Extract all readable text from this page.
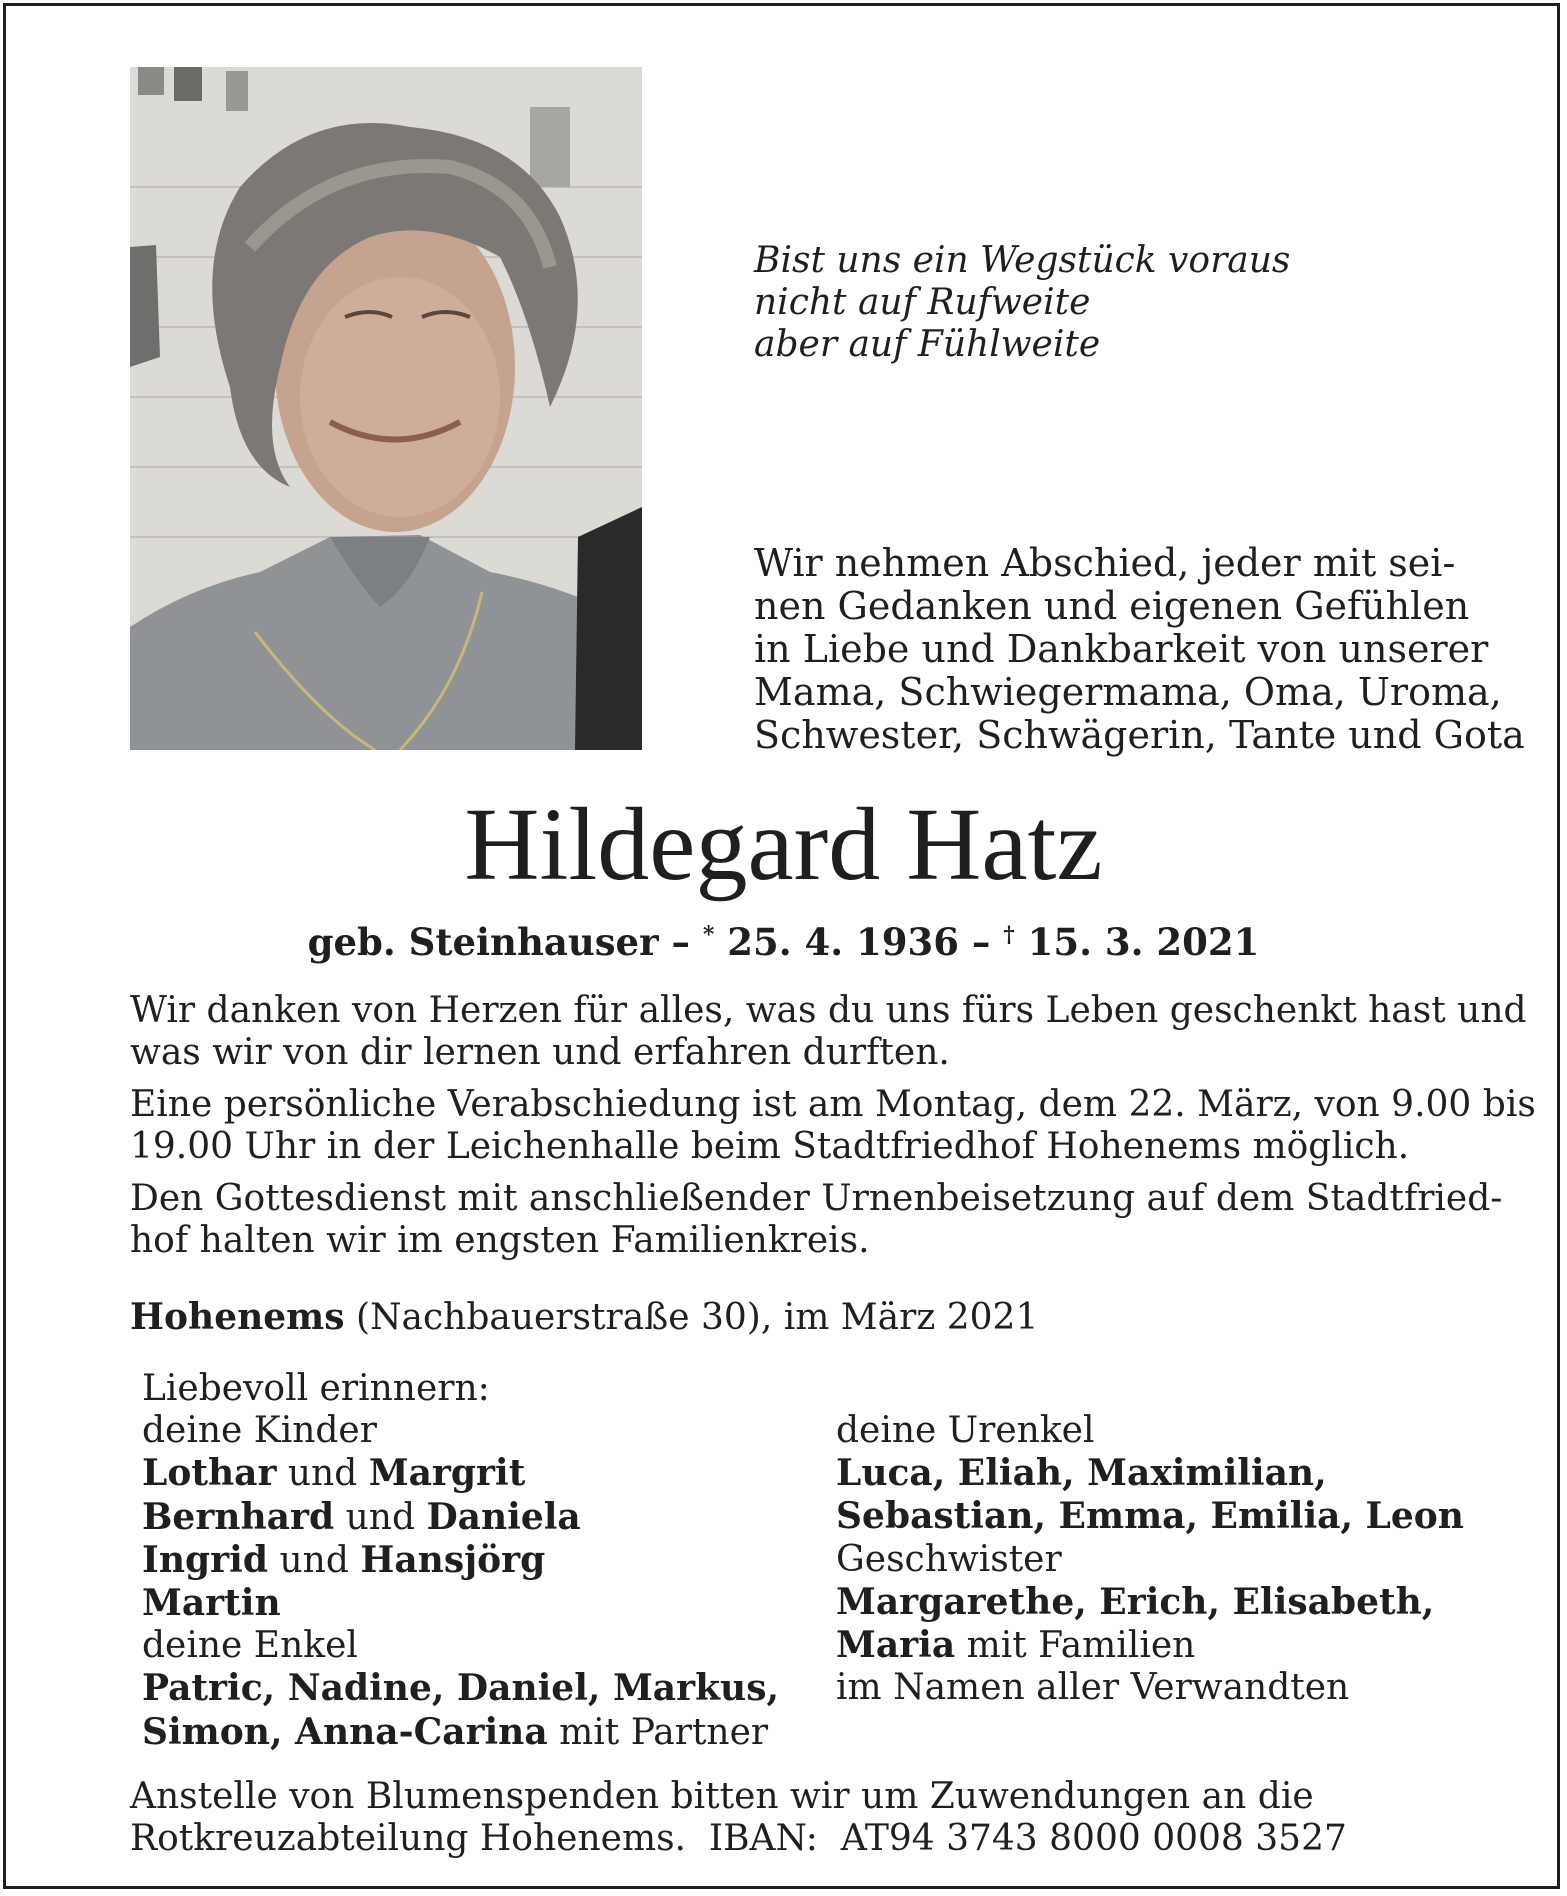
Bist uns ein Wegstück voraus
nicht auf Rufweite
aber auf Fühlweite
Wir nehmen Abschied, jeder mit sei-
nen Gedanken und eigenen Gefühlen
in Liebe und Dankbarkeit von unserer
Mama, Schwiegermama, Oma, Uroma,
Schwester, Schwägerin, Tante und Gota
Hildegard Hatz
geb. Steinhauser – * 25. 4. 1936 – † 15. 3. 2021

Wir danken von Herzen für alles, was du uns fürs Leben geschenkt hast und
was wir von dir lernen und erfahren durften.

Eine persönliche Verabschiedung ist am Montag, dem 22. März, von 9.00 bis
19.00 Uhr in der Leichenhalle beim Stadtfriedhof Hohenems möglich.

Den Gottesdienst mit anschließender Urnenbeisetzung auf dem Stadtfried-
hof halten wir im engsten Familienkreis.

Hohenems (Nachbauerstraße 30), im März 2021
Liebevoll erinnern:
deine Kinder
Lothar und Margrit
Bernhard und Daniela
Ingrid und Hansjörg
Martin
deine Enkel
Patric, Nadine, Daniel, Markus,
Simon, Anna-Carina mit Partner
deine Urenkel
Luca, Eliah, Maximilian,
Sebastian, Emma, Emilia, Leon
Geschwister
Margarethe, Erich, Elisabeth,
Maria mit Familien
im Namen aller Verwandten
Anstelle von Blumenspenden bitten wir um Zuwendungen an die
Rotkreuzabteilung Hohenems.  IBAN:  AT94 3743 8000 0008 3527
